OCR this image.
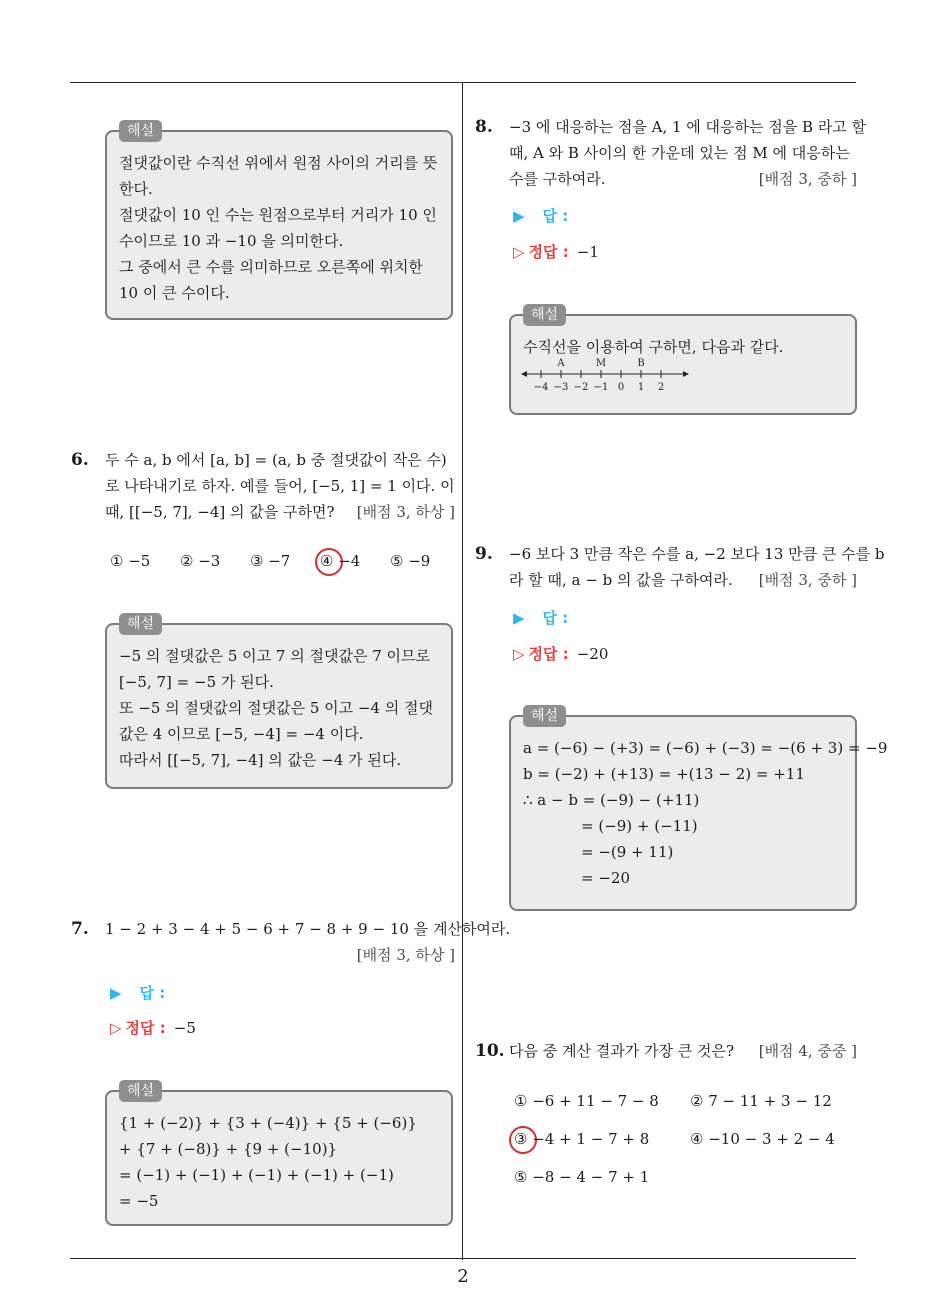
해설
절댓값이란 수직선 위에서 원점 사이의 거리를 뜻
한다.
절댓값이 10 인 수는 원점으로부터 거리가 10 인
수이므로 10 과 −10 을 의미한다.
그 중에서 큰 수를 의미하므로 오른쪽에 위치한
10 이 큰 수이다.
6. 두 수 a, b 에서 [a, b] = (a, b 중 절댓값이 작은 수)
로 나타내기로 하자. 예를 들어, [−5, 1] = 1 이다. 이
때, [[−5, 7], −4] 의 값을 구하면? [배점 3, 하상 ]
① −5 ② −3 ③ −7 ④ −4 ⑤ −9
해설
−5 의 절댓값은 5 이고 7 의 절댓값은 7 이므로
[−5, 7] = −5 가 된다.
또 −5 의 절댓값의 절댓값은 5 이고 −4 의 절댓
값은 4 이므로 [−5, −4] = −4 이다.
따라서 [[−5, 7], −4] 의 값은 −4 가 된다.
7. 1 − 2 + 3 − 4 + 5 − 6 + 7 − 8 + 9 − 10 을 계산하여라.
[배점 3, 하상 ]
▶ 답 :
▷ 정답 : −5
해설
{1 + (−2)} + {3 + (−4)} + {5 + (−6)}
+ {7 + (−8)} + {9 + (−10)}
= (−1) + (−1) + (−1) + (−1) + (−1)
= −5
8. −3 에 대응하는 점을 A, 1 에 대응하는 점을 B 라고 할
때, A 와 B 사이의 한 가운데 있는 점 M 에 대응하는
수를 구하여라.	[배점 3, 중하 ]
▶ 답 :
▷ 정답 : −1
해설
수직선을 이용하여 구하면, 다음과 같다.
−4 −3 −2 −1 0 1 2
A	M	B
9. −6 보다 3 만큼 작은 수를 a, −2 보다 13 만큼 큰 수를 b
라 할 때, a − b 의 값을 구하여라. [배점 3, 중하 ]
▶ 답 :
▷ 정답 : −20
해설
a = (−6) − (+3) = (−6) + (−3) = −(6 + 3) = −9
b = (−2) + (+13) = +(13 − 2) = +11
∴ a − b = (−9) − (+11)
= (−9) + (−11)
= −(9 + 11)
= −20
10. 다음 중 계산 결과가 가장 큰 것은? [배점 4, 중중 ]
① −6 + 11 − 7 − 8 ② 7 − 11 + 3 − 12
③ −4 + 1 − 7 + 8	④ −10 − 3 + 2 − 4
⑤ −8 − 4 − 7 + 1
2
